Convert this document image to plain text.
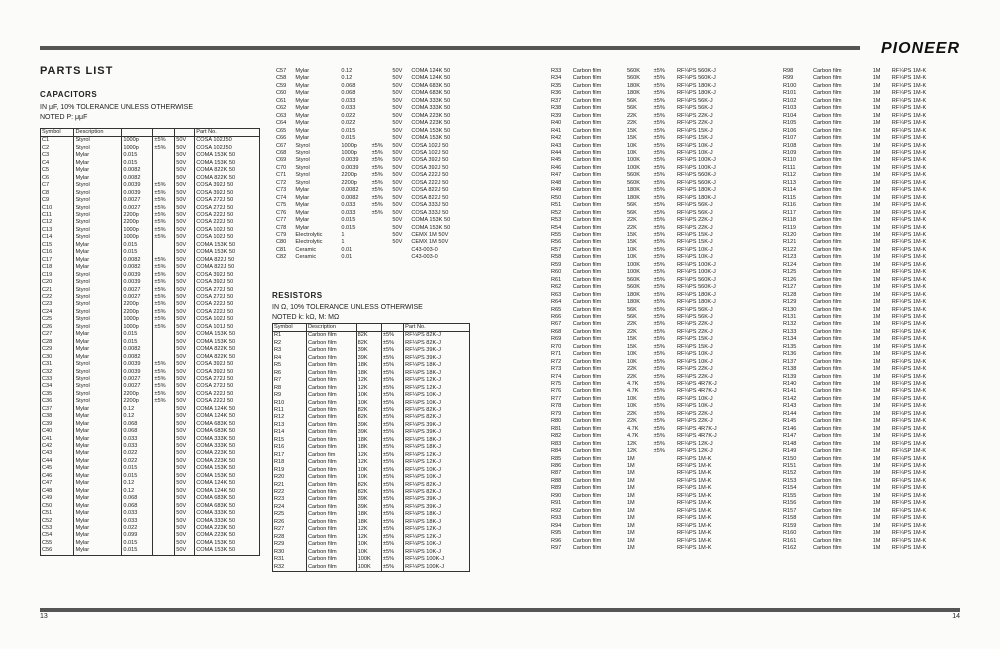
PARTS LIST
CAPACITORS
IN μF, 10% TOLERANCE UNLESS OTHERWISE
NOTED P: μμF
Symbol	Description				Part No.
C1	Styrol	1000p	±5%	50V	COSA 102J50
C2	Styrol	1000p	±5%	50V	COSA 102J50
C3	Mylar	0.015		50V	COMA 153K 50
C4	Mylar	0.015		50V	COMA 153K 50
C5	Mylar	0.0082		50V	COMA 822K 50
C6	Mylar	0.0082		50V	COMA 822K 50
C7	Styrol	0.0039	±5%	50V	COSA 392J 50
C8	Styrol	0.0039	±5%	50V	COSA 392J 50
C9	Styrol	0.0027	±5%	50V	COSA 272J 50
C10	Styrol	0.0027	±5%	50V	COSA 272J 50
C11	Styrol	2200p	±5%	50V	COSA 222J 50
C12	Styrol	2200p	±5%	50V	COSA 222J 50
C13	Styrol	1000p	±5%	50V	COSA 102J 50
C14	Styrol	1000p	±5%	50V	COSA 102J 50
C15	Mylar	0.015		50V	COMA 153K 50
C16	Mylar	0.015		50V	COMA 153K 50
C17	Mylar	0.0082	±5%	50V	COMA 822J 50
C18	Mylar	0.0082	±5%	50V	COMA 822J 50
C19	Styrol	0.0039	±5%	50V	COSA 392J 50
C20	Styrol	0.0039	±5%	50V	COSA 392J 50
C21	Styrol	0.0027	±5%	50V	COSA 272J 50
C22	Styrol	0.0027	±5%	50V	COSA 272J 50
C23	Styrol	2200p	±5%	50V	COSA 222J 50
C24	Styrol	2200p	±5%	50V	COSA 222J 50
C25	Styrol	1000p	±5%	50V	COSA 102J 50
C26	Styrol	1000p	±5%	50V	COSA 101J 50
C27	Mylar	0.015		50V	COMA 153K 50
C28	Mylar	0.015		50V	COMA 153K 50
C29	Mylar	0.0082		50V	COMA 822K 50
C30	Mylar	0.0082		50V	COMA 822K 50
C31	Styrol	0.0039	±5%	50V	COSA 392J 50
C32	Styrol	0.0039	±5%	50V	COSA 392J 50
C33	Styrol	0.0027	±5%	50V	COSA 272J 50
C34	Styrol	0.0027	±5%	50V	COSA 272J 50
C35	Styrol	2200p	±5%	50V	COSA 222J 50
C36	Styrol	2200p	±5%	50V	COSA 222J 50
C37	Mylar	0.12		50V	COMA 124K 50
C38	Mylar	0.12		50V	COMA 124K 50
C39	Mylar	0.068		50V	COMA 683K 50
C40	Mylar	0.068		50V	COMA 683K 50
C41	Mylar	0.033		50V	COMA 333K 50
C42	Mylar	0.033		50V	COMA 333K 50
C43	Mylar	0.022		50V	COMA 223K 50
C44	Mylar	0.022		50V	COMA 223K 50
C45	Mylar	0.015		50V	COMA 153K 50
C46	Mylar	0.015		50V	COMA 153K 50
C47	Mylar	0.12		50V	COMA 124K 50
C48	Mylar	0.12		50V	COMA 124K 50
C49	Mylar	0.068		50V	COMA 683K 50
C50	Mylar	0.068		50V	COMA 683K 50
C51	Mylar	0.033		50V	COMA 333K 50
C52	Mylar	0.033		50V	COMA 333K 50
C53	Mylar	0.022		50V	COMA 223K 50
C54	Mylar	0.099		50V	COMA 223K 50
C55	Mylar	0.015		50V	COMA 153K 50
C56	Mylar	0.015		50V	COMA 153K 50
C57	Mylar	0.12		50V	COMA 124K 50
C58	Mylar	0.12		50V	COMA 124K 50
C59	Mylar	0.068		50V	COMA 683K 50
C60	Mylar	0.068		50V	COMA 683K 50
C61	Mylar	0.033		50V	COMA 333K 50
C62	Mylar	0.033		50V	COMA 333K 50
C63	Mylar	0.022		50V	COMA 223K 50
C64	Mylar	0.022		50V	COMA 223K 50
C65	Mylar	0.015		50V	COMA 153K 50
C66	Mylar	0.015		50V	COMA 153K 50
C67	Styrol	1000p	±5%	50V	COSA 102J 50
C68	Styrol	1000p	±5%	50V	COSA 102J 50
C69	Styrol	0.0039	±5%	50V	COSA 392J 50
C70	Styrol	0.0039	±5%	50V	COSA 392J 50
C71	Styrol	2200p	±5%	50V	COSA 222J 50
C72	Styrol	2200p	±5%	50V	COSA 222J 50
C73	Mylar	0.0082	±5%	50V	COSA 822J 50
C74	Mylar	0.0082	±5%	50V	COSA 822J 50
C75	Mylar	0.033	±5%	50V	COSA 333J 50
C76	Mylar	0.033	±5%	50V	COSA 333J 50
C77	Mylar	0.015		50V	COMA 153K 50
C78	Mylar	0.015		50V	COMA 153K 50
C79	Electrolytic	1		50V	CEMX 1M 50V
C80	Electrolytic	1		50V	CEMX 1M 50V
C81	Ceramic	0.01			C43-003-0
C82	Ceramic	0.01			C43-003-0
RESISTORS
IN Ω, 10% TOLERANCE UNLESS OTHERWISE
NOTED k: kΩ, M: MΩ
Symbol	Description			Part No.
R1	Carbon film	82K	±5%	RF¼PS 82K-J
R2	Carbon film	82K	±5%	RF¼PS 82K-J
R3	Carbon film	39K	±5%	RF¼PS 39K-J
R4	Carbon film	39K	±5%	RF¼PS 39K-J
R5	Carbon film	18K	±5%	RF¼PS 18K-J
R6	Carbon film	18K	±5%	RF¼PS 18K-J
R7	Carbon film	12K	±5%	RF¼PS 12K-J
R8	Carbon film	12K	±5%	RF¼PS 12K-J
R9	Carbon film	10K	±5%	RF¼PS 10K-J
R10	Carbon film	10K	±5%	RF¼PS 10K-J
R11	Carbon film	82K	±5%	RF¼PS 82K-J
R12	Carbon film	82K	±5%	RF¼PS 82K-J
R13	Carbon film	39K	±5%	RF¼PS 39K-J
R14	Carbon film	39K	±5%	RF¼PS 39K-J
R15	Carbon film	18K	±5%	RF¼PS 18K-J
R16	Carbon film	18K	±5%	RF¼PS 18K-J
R17	Carbon fim	12K	±5%	RF¼PS 12K-J
R18	Carbon film	12K	±5%	RF¼PS 12K-J
R19	Carbon film	10K	±5%	RF¼PS 10K-J
R20	Carbon film	10K	±5%	RF¼PS 10K-J
R21	Carbon film	82K	±5%	RF¼PS 82K-J
R22	Carbon film	82K	±5%	RF¼PS 82K-J
R23	Carbon film	39K	±5%	RF¼PS 39K-J
R24	Carbon film	39K	±5%	RF¼PS 39K-J
R25	Carbon film	18K	±5%	RF¼PS 18K-J
R26	Carbon film	18K	±5%	RF¼PS 18K-J
R27	Carbon film	12K	±5%	RF¼PS 12K-J
R28	Carbon film	12K	±5%	RF¼PS 12K-J
R29	Carbon film	10K	±5%	RF¼PS 10K-J
R30	Carbon film	10K	±5%	RF¼PS 10K-J
R31	Carbon film	100K	±5%	RF¼PS 100K-J
R32	Carbon film	100K	±5%	RF¼PS 100K-J
13
PIONEER
R33	Carbon film	560K	±5%	RF¼PS 560K-J
R34	Carbon film	560K	±5%	RF¼PS 560K-J
R35	Carbon film	180K	±5%	RF¼PS 180K-J
R36	Carbon film	180K	±5%	RF¼PS 180K-J
R37	Carbon film	56K	±5%	RF¼PS 56K-J
R38	Carbon film	56K	±5%	RF¼PS 56K-J
R39	Carbon film	22K	±5%	RF¼PS 22K-J
R40	Carbon film	22K	±5%	RF¼PS 22K-J
R41	Carbon film	15K	±5%	RF¼PS 15K-J
R42	Carbon film	15K	±5%	RF¼PS 15K-J
R43	Carbon film	10K	±5%	RF¼PS 10K-J
R44	Carbon film	10K	±5%	RF¼PS 10K-J
R45	Carbon film	100K	±5%	RF¼PS 100K-J
R46	Carbon film	100K	±5%	RF¼PS 100K-J
R47	Carbon film	560K	±5%	RF¼PS 560K-J
R48	Carbon film	560K	±5%	RF¼PS 560K-J
R49	Carbon film	180K	±5%	RF¼PS 180K-J
R50	Carbon film	180K	±5%	RF¼PS 180K-J
R51	Carbon film	56K	±5%	RF¼PS 56K-J
R52	Carbon film	56K	±5%	RF¼PS 56K-J
R53	Carbon film	22K	±5%	RF¼PS 22K-J
R54	Carbon film	22K	±5%	RF¼PS 22K-J
R55	Carbon film	15K	±5%	RF¼PS 15K-J
R56	Carbon film	15K	±5%	RF¼PS 15K-J
R57	Carbon film	10K	±5%	RF¼PS 10K-J
R58	Carbon film	10K	±5%	RF¼PS 10K-J
R59	Carbon film	100K	±5%	RF¼PS 100K-J
R60	Carbon film	100K	±5%	RF¼PS 100K-J
R61	Carbon film	560K	±5%	RF¼PS 560K-J
R62	Carbon film	560K	±5%	RF¼PS 560K-J
R63	Carbon film	180K	±5%	RF¼PS 180K-J
R64	Carbon film	180K	±5%	RF¼PS 180K-J
R65	Carbon film	56K	±5%	RF¼PS 56K-J
R66	Carbon film	56K	±5%	RF¼PS 56K-J
R67	Carbon film	22K	±5%	RF¼PS 22K-J
R68	Carbon film	22K	±5%	RF¼PS 22K-J
R69	Carbon film	15K	±5%	RF¼PS 15K-J
R70	Carbon film	15K	±5%	RF¼PS 15K-J
R71	Carbon film	10K	±5%	RF¼PS 10K-J
R72	Carbon film	10K	±5%	RF¼PS 10K-J
R73	Carbon film	22K	±5%	RF¼PS 22K-J
R74	Carbon film	22K	±5%	RF¼PS 22K-J
R75	Carbon film	4.7K	±5%	RF¼PS 4R7K-J
R76	Carbon film	4.7K	±5%	RF¼PS 4R7K-J
R77	Carbon film	10K	±5%	RF¼PS 10K-J
R78	Carbon film	10K	±5%	RF¼PS 10K-J
R79	Carbon film	22K	±5%	RF¼PS 22K-J
R80	Carbon film	22K	±5%	RF¼PS 22K-J
R81	Carbon film	4.7K	±5%	RF¼PS 4R7K-J
R82	Carbon film	4.7K	±5%	RF¼PS 4R7K-J
R83	Carbon film	12K	±5%	RF¼PS 12K-J
R84	Carbon film	12K	±5%	RF¼PS 12K-J
R85	Carbon film	1M		RF¼PS 1M-K
R86	Carbon film	1M		RF¼PS 1M-K
R87	Carbon film	1M		RF¼PS 1M-K
R88	Carbon film	1M		RF¼PS 1M-K
R89	Carbon film	1M		RF¼PS 1M-K
R90	Carbon film	1M		RF¼PS 1M-K
R91	Carbon film	1M		RF¼PS 1M-K
R92	Carbon film	1M		RF¼PS 1M-K
R93	Carbon film	1M		RF¼PS 1M-K
R94	Carbon film	1M		RF¼PS 1M-K
R95	Carbon film	1M		RF¼PS 1M-K
R96	Carbon film	1M		RF¼PS 1M-K
R97	Carbon film	1M		RF¼PS 1M-K
R98	Carbon film	1M	RF¼PS 1M-K
R99	Carbon film	1M	RF¼PS 1M-K
R100	Carbon film	1M	RF¼PS 1M-K
R101	Carbon film	1M	RF¼PS 1M-K
R102	Carbon film	1M	RF¼PS 1M-K
R103	Carbon film	1M	RF¼PS 1M-K
R104	Carbon film	1M	RF¼PS 1M-K
R105	Carbon film	1M	RF¼PS 1M-K
R106	Carbon film	1M	RF¼PS 1M-K
R107	Carbon film	1M	RF¼PS 1M-K
R108	Carbon film	1M	RF¼PS 1M-K
R109	Carbon film	1M	RF¼PS 1M-K
R110	Carbon film	1M	RF¼PS 1M-K
R111	Carbon film	1M	RF¼PS 1M-K
R112	Carbon film	1M	RF¼PS 1M-K
R113	Carbon film	1M	RF¼PS 1M-K
R114	Carbon film	1M	RF¼PS 1M-K
R115	Carbon film	1M	RF¼PS 1M-K
R116	Carbon film	1M	RF¼PS 1M-K
R117	Carbon film	1M	RF¼PS 1M-K
R118	Carbon film	1M	RF¼PS 1M-K
R119	Carbon film	1M	RF¼PS 1M-K
R120	Carbon film	1M	RF¼PS 1M-K
R121	Carbon film	1M	RF¼PS 1M-K
R122	Carbon film	1M	RF¼PS 1M-K
R123	Carbon film	1M	RF¼PS 1M-K
R124	Carbon film	1M	RF¼PS 1M-K
R125	Carbon film	1M	RF¼PS 1M-K
R126	Carbon film	1M	RF¼PS 1M-K
R127	Carbon film	1M	RF¼PS 1M-K
R128	Carbon film	1M	RF¼PS 1M-K
R129	Carbon film	1M	RF¼PS 1M-K
R130	Carbon film	1M	RF¼PS 1M-K
R131	Carbon film	1M	RF¼PS 1M-K
R132	Carbon film	1M	RF¼PS 1M-K
R133	Carbon film	1M	RF¼PS 1M-K
R134	Carbon film	1M	RF¼PS 1M-K
R135	Carbon film	1M	RF¼PS 1M-K
R136	Carbon film	1M	RF¼PS 1M-K
R137	Carbon film	1M	RF¼PS 1M-K
R138	Carbon film	1M	RF¼PS 1M-K
R139	Carbon film	1M	RF¼PS 1M-K
R140	Carbon film	1M	RF¼PS 1M-K
R141	Carbon film	1M	RF¼PS 1M-K
R142	Carbon film	1M	RF¼PS 1M-K
R143	Carbon film	1M	RF¼PS 1M-K
R144	Carbon film	1M	RF¼PS 1M-K
R145	Carbon film	1M	RF¼PS 1M-K
R146	Carbon film	1M	RF¼PS 1M-K
R147	Carbon film	1M	RF¼PS 1M-K
R148	Carbon film	1M	RF¼PS 1M-K
R149	Carbon film	1M	RF¼SP 1M-K
R150	Carbon film	1M	RF¼PS 1M-K
R151	Carbon film	1M	RF¼PS 1M-K
R152	Carbon film	1M	RF¼PS 1M-K
R153	Carbon film	1M	RF¼PS 1M-K
R154	Carbon film	1M	RF¼PS 1M-K
R155	Carbon film	1M	RF¼PS 1M-K
R156	Carbon film	1M	RF¼PS 1M-K
R157	Carbon film	1M	RF¼PS 1M-K
R158	Carbon film	1M	RF¼PS 1M-K
R159	Carbon film	1M	RF¼PS 1M-K
R160	Carbon film	1M	RF¼PS 1M-K
R161	Carbon film	1M	RF¼PS 1M-K
R162	Carbon film	1M	RF¼PS 1M-K
14
